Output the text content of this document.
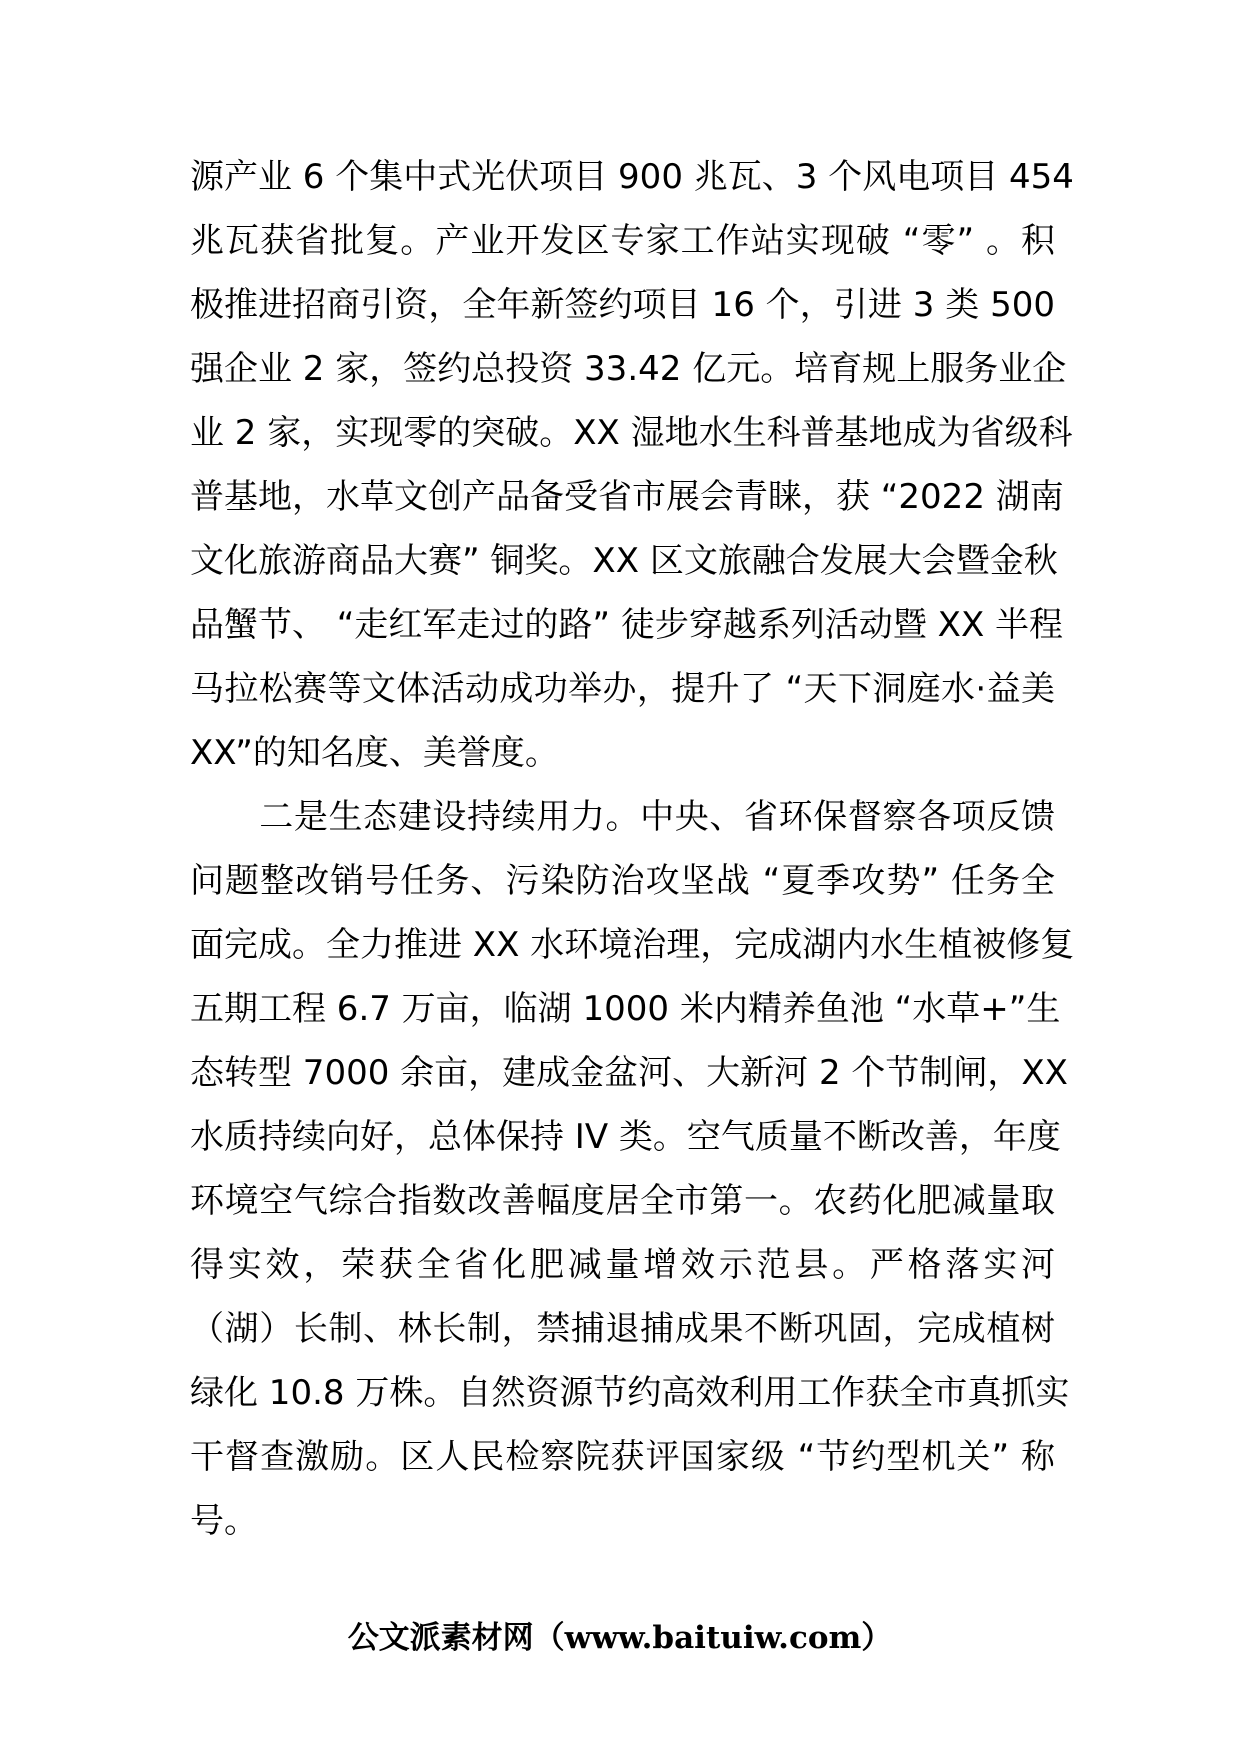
源产业 6 个集中式光伏项目 900 兆瓦、3 个风电项目 454
兆瓦获省批复。产业开发区专家工作站实现破 “零” 。积
极推进招商引资，全年新签约项目 16 个，引进 3 类 500
强企业 2 家，签约总投资 33.42 亿元。培育规上服务业企
业 2 家，实现零的突破。XX 湿地水生科普基地成为省级科
普基地，水草文创产品备受省市展会青睐，获 “2022 湖南
文化旅游商品大赛” 铜奖。XX 区文旅融合发展大会暨金秋
品蟹节、 “走红军走过的路” 徒步穿越系列活动暨 XX 半程
马拉松赛等文体活动成功举办，提升了 “天下洞庭水·益美
XX”的知名度、美誉度。
　　二是生态建设持续用力。中央、省环保督察各项反馈
问题整改销号任务、污染防治攻坚战 “夏季攻势” 任务全
面完成。全力推进 XX 水环境治理，完成湖内水生植被修复
五期工程 6.7 万亩，临湖 1000 米内精养鱼池 “水草+”生
态转型 7000 余亩，建成金盆河、大新河 2 个节制闸，XX
水质持续向好，总体保持 IV 类。空气质量不断改善，年度
环境空气综合指数改善幅度居全市第一。农药化肥减量取
得实效，荣获全省化肥减量增效示范县。严格落实河
（湖）长制、林长制，禁捕退捕成果不断巩固，完成植树
绿化 10.8 万株。自然资源节约高效利用工作获全市真抓实
干督查激励。区人民检察院获评国家级 “节约型机关” 称
号。
公文派素材网（www.baituiw.com）
